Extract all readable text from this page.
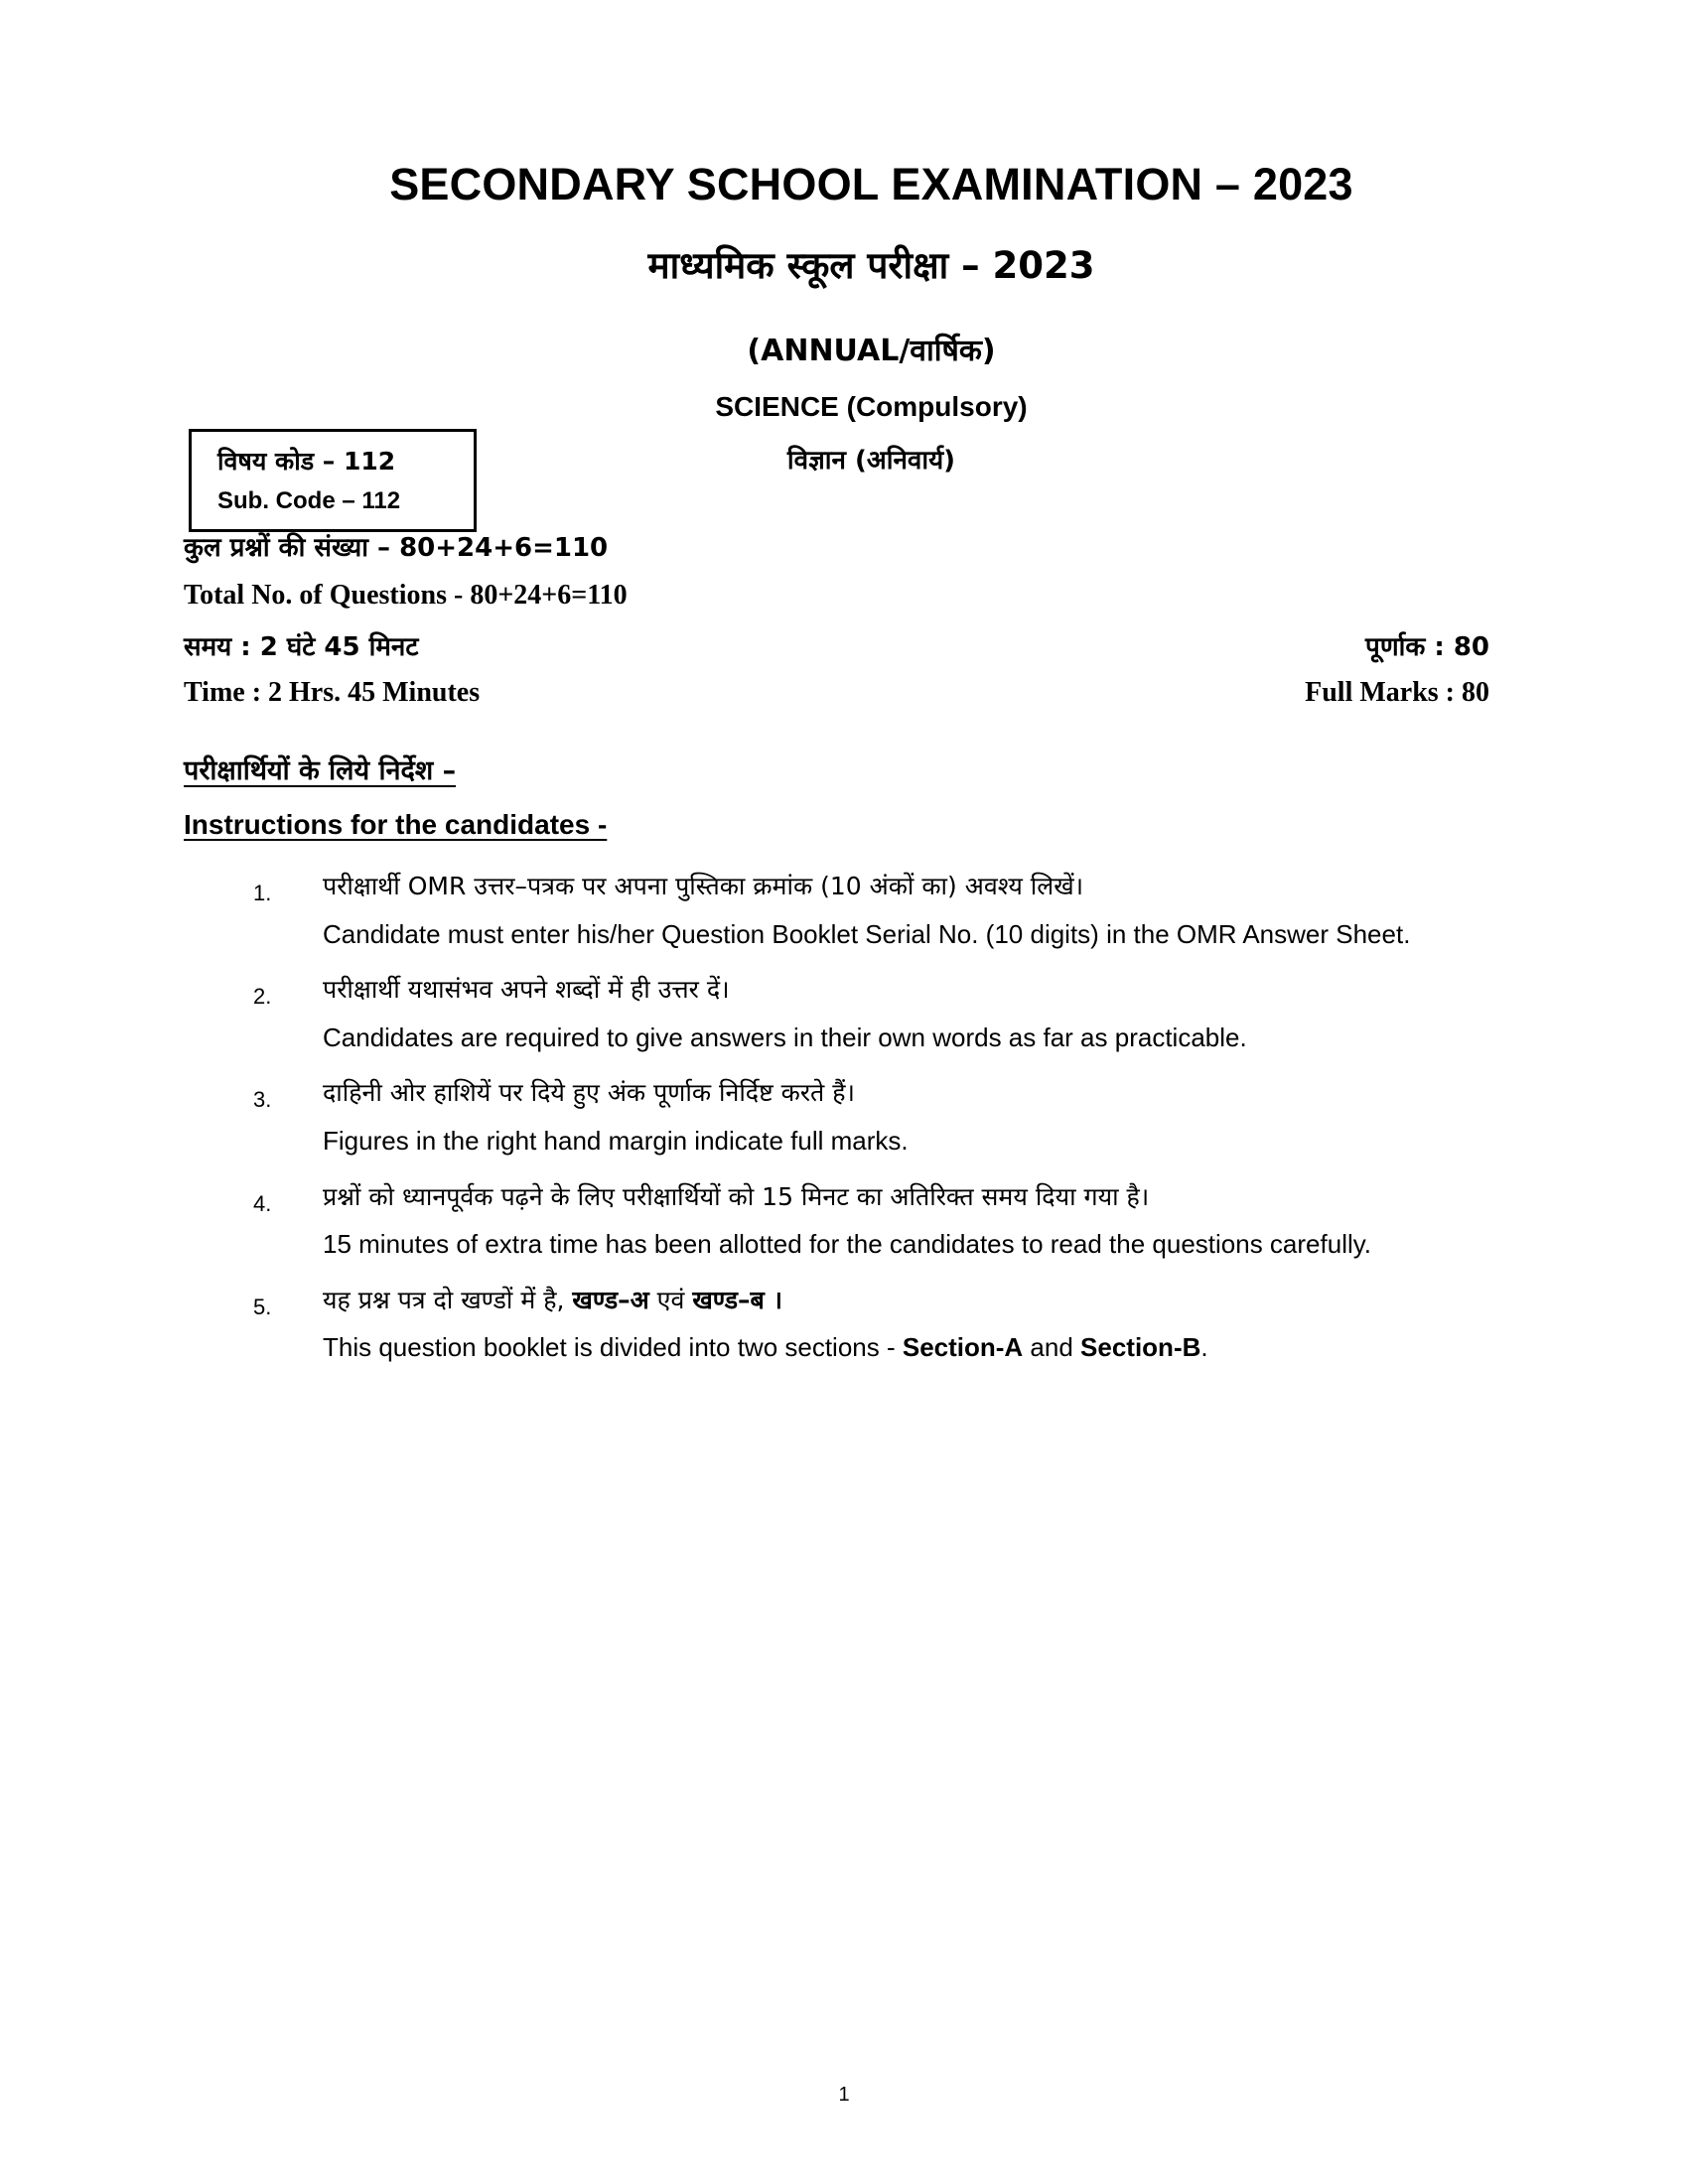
SECONDARY SCHOOL EXAMINATION – 2023
माध्यमिक स्कूल परीक्षा – 2023
(ANNUAL/वार्षिक)
SCIENCE (Compulsory)
विज्ञान (अनिवार्य)
विषय कोड – 112
Sub. Code – 112
कुल प्रश्नों की संख्या – 80+24+6=110
Total No. of Questions - 80+24+6=110
समय : 2 घंटे 45 मिनट	पूर्णाक : 80
Time : 2 Hrs. 45 Minutes	Full Marks : 80
परीक्षार्थियों के लिये निर्देश –
Instructions for the candidates -
1.	परीक्षार्थी OMR उत्तर–पत्रक पर अपना पुस्तिका क्रमांक (10 अंकों का) अवश्य लिखें।

Candidate must enter his/her Question Booklet Serial No. (10 digits) in the OMR Answer Sheet.

2.	परीक्षार्थी यथासंभव अपने शब्दों में ही उत्तर दें।

Candidates are required to give answers in their own words as far as practicable.

3.	दाहिनी ओर हाशियें पर दिये हुए अंक पूर्णाक निर्दिष्ट करते हैं।

Figures in the right hand margin indicate full marks.

4.	प्रश्नों को ध्यानपूर्वक पढ़ने के लिए परीक्षार्थियों को 15 मिनट का अतिरिक्त समय दिया गया है।

15 minutes of extra time has been allotted for the candidates to read the questions carefully.

5.	यह प्रश्न पत्र दो खण्डों में है, खण्ड–अ एवं खण्ड–ब ।

This question booklet is divided into two sections - Section-A and Section-B.

1
